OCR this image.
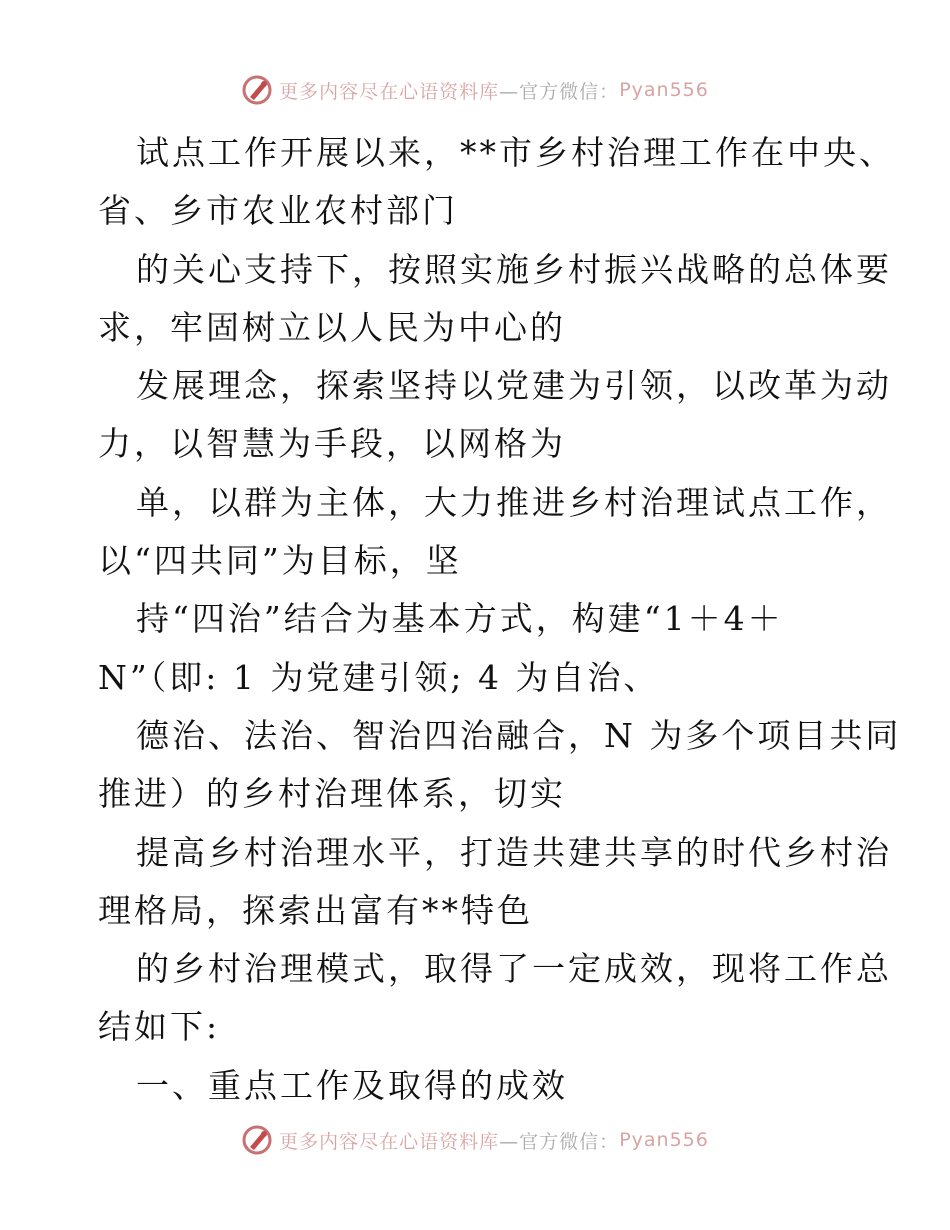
更多内容尽在心语资料库 —官方微信： Pyan556
试点工作开展以来，**市乡村治理工作在中央、
省、乡市农业农村部门
的关心支持下，按照实施乡村振兴战略的总体要
求，牢固树立以人民为中心的
发展理念，探索坚持以党建为引领，以改革为动
力，以智慧为手段，以网格为
单，以群为主体，大力推进乡村治理试点工作，
以“四共同”为目标，坚
持“四治”结合为基本方式，构建“1＋4＋
N”（即: 1 为党建引领; 4 为自治、
德治、法治、智治四治融合，N 为多个项目共同
推进）的乡村治理体系，切实
提高乡村治理水平，打造共建共享的时代乡村治
理格局，探索出富有**特色
的乡村治理模式，取得了一定成效，现将工作总
结如下:
一、重点工作及取得的成效
更多内容尽在心语资料库 —官方微信： Pyan556
